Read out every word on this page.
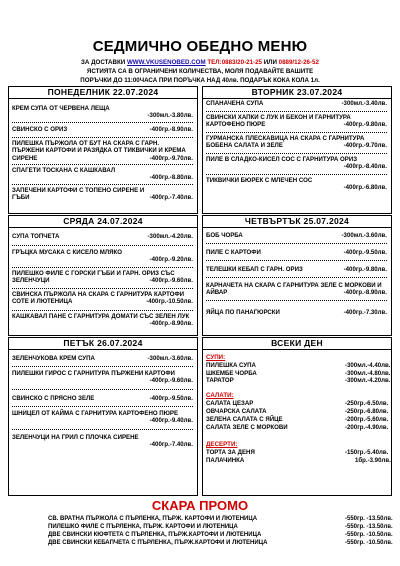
СЕДМИЧНО ОБЕДНО МЕНЮ
ЗА ДОСТАВКИ WWW.VKUSENOBED.COM ТЕЛ:0883/20-21-25 ИЛИ 0889/12-26-52
ЯСТИЯТА СА В ОГРАНИЧЕНИ КОЛИЧЕСТВА, МОЛЯ ПОДАВАЙТЕ ВАШИТЕ
ПОРЪЧКИ ДО 11:00ЧАСА ПРИ ПОРЪЧКА НАД 40лв. ПОДАРЪК КОКА КОЛА 1л.
ПОНЕДЕЛНИК 22.07.2024
КРЕМ СУПА ОТ ЧЕРВЕНА ЛЕЩА
-300мл.-3.80лв.
СВИНСКО С ОРИЗ	-400гр.-8.90лв.
ПИЛЕШКА ПЪРЖОЛА ОТ БУТ НА СКАРА С ГАРН. ПЪРЖЕНИ КАРТОФИ И РАЗЯДКА ОТ ТИКВИЧКИ И КРЕМА СИРЕНЕ	-400гр.-9.70лв.
СПАГЕТИ ТОСКАНА С КАШКАВАЛ
-400гр.-8.80лв.
ЗАПЕЧЕНИ КАРТОФИ С ТОПЕНО СИРЕНЕ И ГЪБИ	-400гр.-7.40лв.
ВТОРНИК 23.07.2024
СПАНАЧЕНА СУПА	-300мл.-3.40лв.
СВИНСКИ ХАПКИ С ЛУК И БЕКОН И ГАРНИТУРА КАРТОФЕНО ПЮРЕ	-400гр.-9.80лв.
ГУРМАНСКА ПЛЕСКАВИЦА НА СКАРА С ГАРНИТУРА БОБЕНА САЛАТА И ЗЕЛЕ	-400гр.-9.70лв.
ПИЛЕ В СЛАДКО-КИСЕЛ СОС С ГАРНИТУРА ОРИЗ
-400гр.-8.40лв.
ТИКВИЧКИ БЮРЕК С МЛЕЧЕН СОС
-400гр.-6.80лв.
СРЯДА 24.07.2024
СУПА ТОПЧЕТА	-300мл.-4.20лв.
ГРЪЦКА МУСАКА С КИСЕЛО МЛЯКО
-400гр.-9.20лв.
ПИЛЕШКО ФИЛЕ С ГОРСКИ ГЪБИ И ГАРН. ОРИЗ СЪС ЗЕЛЕНЧУЦИ	-400гр.-9.60лв.
СВИНСКА ПЪРЖОЛА НА СКАРА С ГАРНИТУРА КАРТОФИ СОТЕ И ЛЮТЕНИЦА	-400гр.-10.50лв.
КАШКАВАЛ ПАНЕ С ГАРНИТУРА ДОМАТИ СЪС ЗЕЛЕН ЛУК
-400гр.-8.90лв.
ЧЕТВЪРТЪК 25.07.2024
БОБ ЧОРБА	-300мл.-3.60лв.
ПИЛЕ С КАРТОФИ	-400гр.-9.50лв.
ТЕЛЕШКИ КЕБАП С ГАРН. ОРИЗ	-400гр.-9.80лв.
КАРНАЧЕТА НА СКАРА С ГАРНИТУРА ЗЕЛЕ С МОРКОВИ И АЙВАР	-400гр.-8.90лв.
ЯЙЦА ПО ПАНАГЮРСКИ	-400гр.-7.30лв.
ПЕТЪК 26.07.2024
ЗЕЛЕНЧУКОВА КРЕМ СУПА	-300мл.-3.60лв.
ПИЛЕШКИ ГИРОС С ГАРНИТУРА ПЪРЖЕНИ КАРТОФИ
-400гр.-9.60лв.
СВИНСКО С ПРЯСНО ЗЕЛЕ	-400гр.-9.50лв.
ШНИЦЕЛ ОТ КАЙМА С ГАРНИТУРА КАРТОФЕНО ПЮРЕ
-400гр.-9.40лв.
ЗЕЛЕНЧУЦИ НА ГРИЛ С ПЛОЧКА СИРЕНЕ
-400гр.-7.40лв.
ВСЕКИ ДЕН
СУПИ:
ПИЛЕШКА СУПА	-300мл.-4.40лв.
ШКЕМБЕ ЧОРБА	-300мл.-4.80лв.
ТАРАТОР	-300мл.-4.20лв.
САЛАТИ:
САЛАТА ЦЕЗАР	-250гр.-6.50лв.
ОВЧАРСКА САЛАТА	-250гр.-6.80лв.
ЗЕЛЕНА САЛАТА С ЯЙЦЕ	-200гр.-5.60лв.
САЛАТА ЗЕЛЕ С МОРКОВИ	-200гр.-4.90лв.
ДЕСЕРТИ:
ТОРТА ЗА ДЕНЯ	-150гр.-5.40лв.
ПАЛАЧИНКА	1бр.-3.90лв.
СКАРА ПРОМО
СВ. ВРАТНА ПЪРЖОЛА С ПЪРЛЕНКА, ПЪРЖ. КАРТОФИ И ЛЮТЕНИЦА	-550гр. -13.50лв.
ПИЛЕШКО ФИЛЕ С ПЪРЛЕНКА, ПЪРЖ. КАРТОФИ И ЛЮТЕНИЦА	-550гр. -13.50лв.
ДВЕ СВИНСКИ КЮФТЕТА С ПЪРЛЕНКА, ПЪРЖ.КАРТОФИ И ЛЮТЕНИЦА	-550гр. -10.50лв.
ДВЕ СВИНСКИ КЕБАПЧЕТА С ПЪРЛЕНКА, ПЪРЖ.КАРТОФИ И ЛЮТЕНИЦА	-550гр. -10.50лв.
